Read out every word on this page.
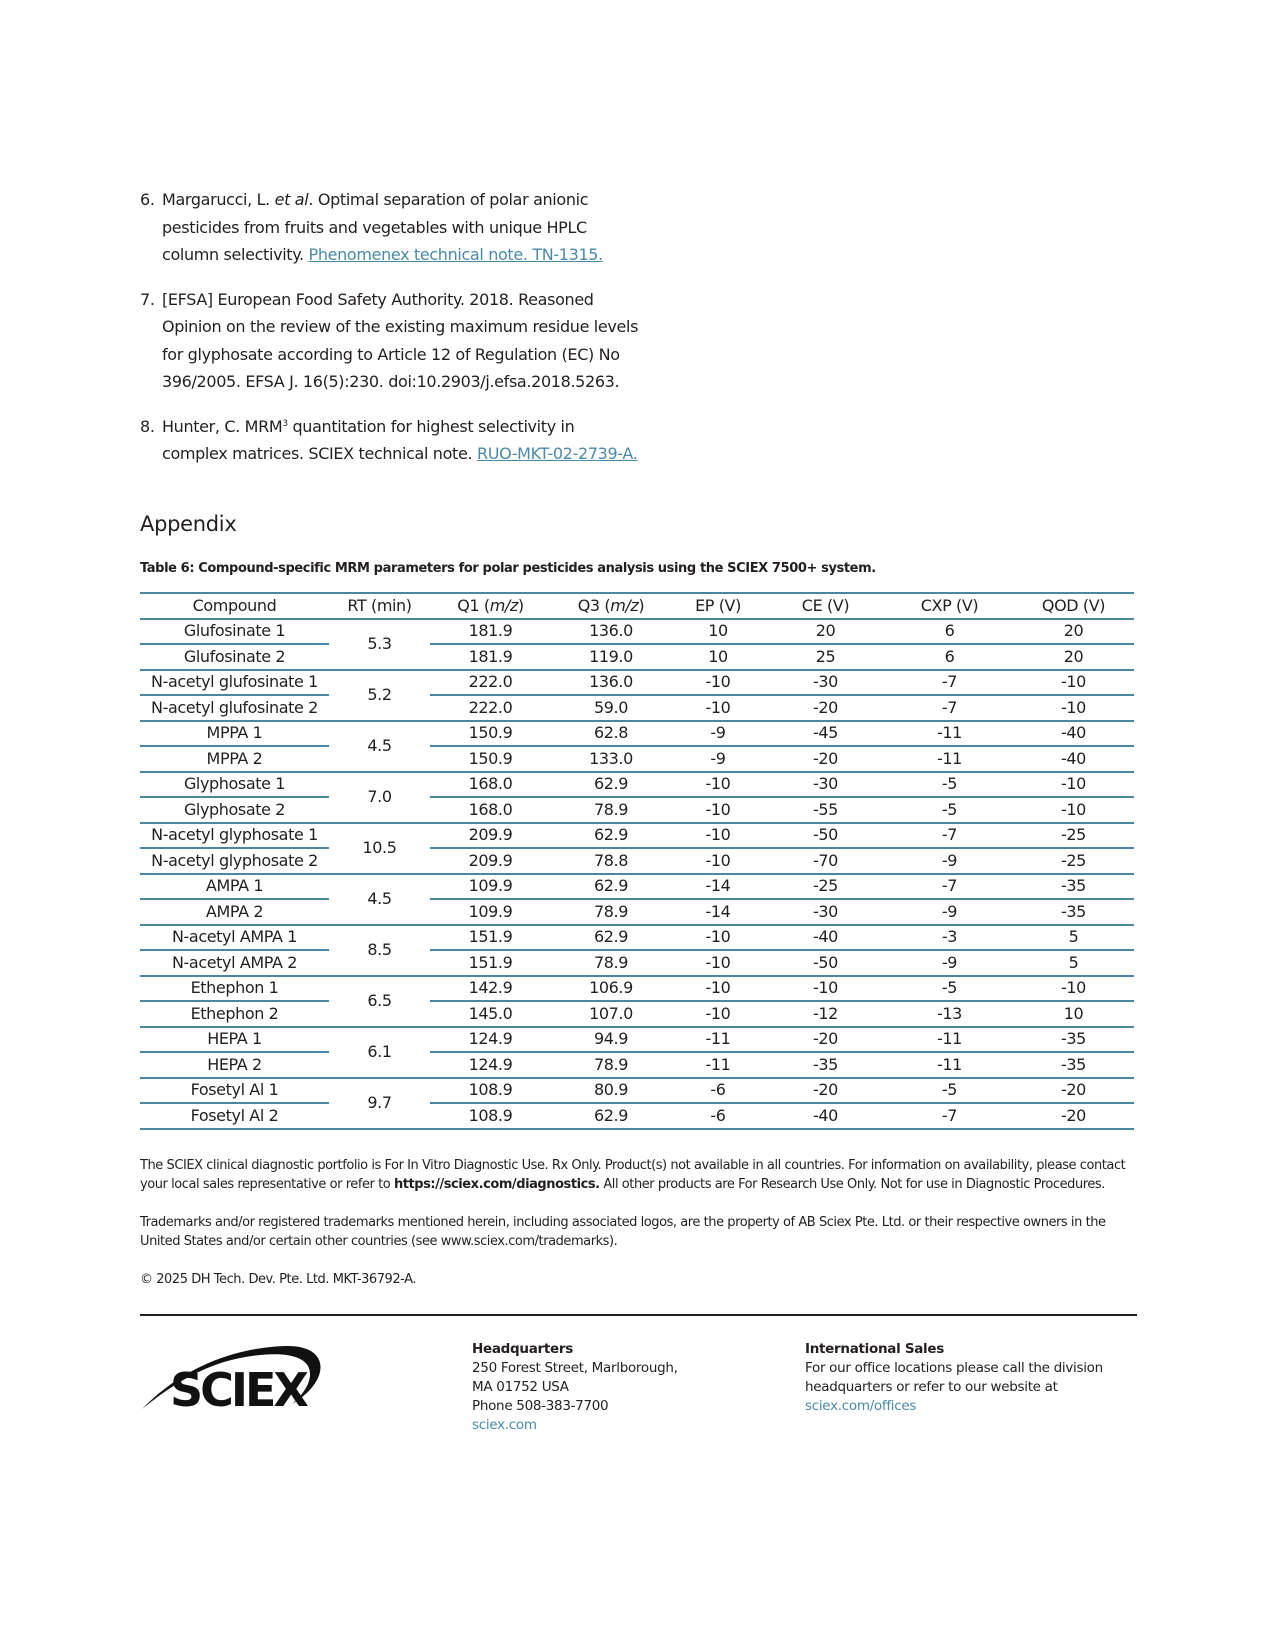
6. Margarucci, L. et al. Optimal separation of polar anionic pesticides from fruits and vegetables with unique HPLC column selectivity. Phenomenex technical note. TN-1315.
7. [EFSA] European Food Safety Authority. 2018. Reasoned Opinion on the review of the existing maximum residue levels for glyphosate according to Article 12 of Regulation (EC) No 396/2005. EFSA J. 16(5):230. doi:10.2903/j.efsa.2018.5263.
8. Hunter, C. MRM$^3$ quantitation for highest selectivity in complex matrices. SCIEX technical note. RUO-MKT-02-2739-A.
Appendix
Table 6: Compound-specific MRM parameters for polar pesticides analysis using the SCIEX 7500+ system.
Compound	RT (min)	Q1 (m/z)	Q3 (m/z)	EP (V)	CE (V)	CXP (V)	QOD (V)
Glufosinate 1	5.3	181.9	136.0	10	20	6	20
Glufosinate 2		181.9	119.0	10	25	6	20
N-acetyl glufosinate 1	5.2	222.0	136.0	-10	-30	-7	-10
N-acetyl glufosinate 2		222.0	59.0	-10	-20	-7	-10
MPPA 1	4.5	150.9	62.8	-9	-45	-11	-40
MPPA 2		150.9	133.0	-9	-20	-11	-40
Glyphosate 1	7.0	168.0	62.9	-10	-30	-5	-10
Glyphosate 2		168.0	78.9	-10	-55	-5	-10
N-acetyl glyphosate 1	10.5	209.9	62.9	-10	-50	-7	-25
N-acetyl glyphosate 2		209.9	78.8	-10	-70	-9	-25
AMPA 1	4.5	109.9	62.9	-14	-25	-7	-35
AMPA 2		109.9	78.9	-14	-30	-9	-35
N-acetyl AMPA 1	8.5	151.9	62.9	-10	-40	-3	5
N-acetyl AMPA 2		151.9	78.9	-10	-50	-9	5
Ethephon 1	6.5	142.9	106.9	-10	-10	-5	-10
Ethephon 2		145.0	107.0	-10	-12	-13	10
HEPA 1	6.1	124.9	94.9	-11	-20	-11	-35
HEPA 2		124.9	78.9	-11	-35	-11	-35
Fosetyl Al 1	9.7	108.9	80.9	-6	-20	-5	-20
Fosetyl Al 2		108.9	62.9	-6	-40	-7	-20
The SCIEX clinical diagnostic portfolio is For In Vitro Diagnostic Use. Rx Only. Product(s) not available in all countries. For information on availability, please contact your local sales representative or refer to https://sciex.com/diagnostics. All other products are For Research Use Only. Not for use in Diagnostic Procedures.
Trademarks and/or registered trademarks mentioned herein, including associated logos, are the property of AB Sciex Pte. Ltd. or their respective owners in the United States and/or certain other countries (see www.sciex.com/trademarks).
© 2025 DH Tech. Dev. Pte. Ltd. MKT-36792-A.
SCIEX
Headquarters
250 Forest Street, Marlborough,
MA 01752 USA
Phone 508-383-7700
sciex.com
International Sales
For our office locations please call the division
headquarters or refer to our website at
sciex.com/offices
